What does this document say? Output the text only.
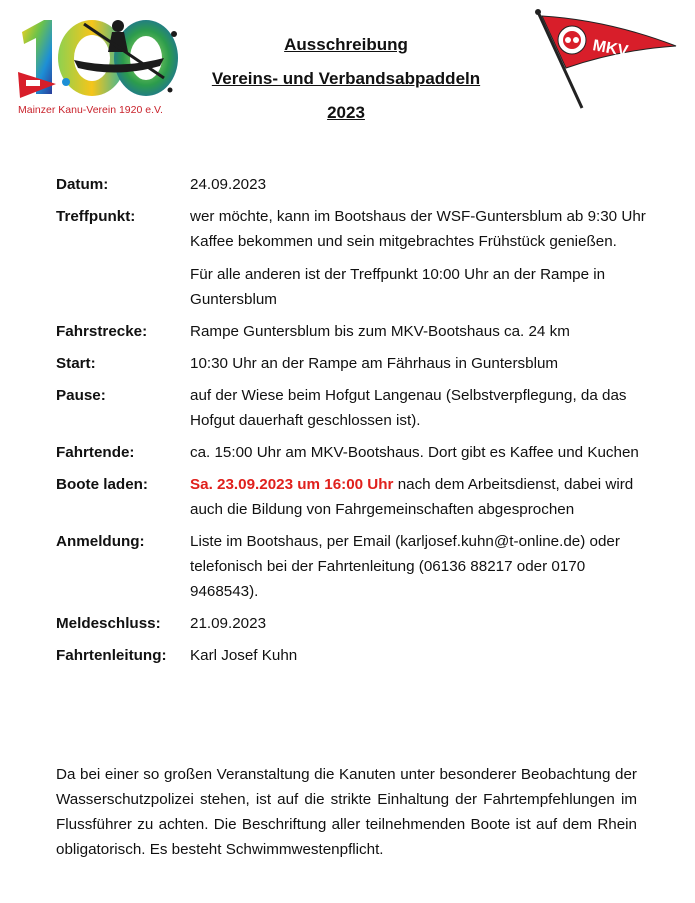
Mainzer Kanu-Verein 1920 e.V.
MKV
Ausschreibung
Vereins- und Verbandsabpaddeln
2023
Datum:	24.09.2023
Treffpunkt:	wer möchte, kann im Bootshaus der WSF-Guntersblum ab 9:30 Uhr Kaffee bekommen und sein mitgebrachtes Frühstück genießen.

Für alle anderen ist der Treffpunkt 10:00 Uhr an der Rampe in Guntersblum

Fahrstrecke:	Rampe Guntersblum bis zum MKV-Bootshaus ca. 24 km
Start:	10:30 Uhr an der Rampe am Fährhaus in Guntersblum
Pause:	auf der Wiese beim Hofgut Langenau (Selbstverpflegung, da das Hofgut dauerhaft geschlossen ist).
Fahrtende:	ca. 15:00 Uhr am MKV-Bootshaus. Dort gibt es Kaffee und Kuchen
Boote laden:	Sa. 23.09.2023 um 16:00 Uhr nach dem Arbeitsdienst, dabei wird auch die Bildung von Fahrgemeinschaften abgesprochen
Anmeldung:	Liste im Bootshaus, per Email (karljosef.kuhn@t-online.de) oder telefonisch bei der Fahrtenleitung (06136 88217 oder 0170 9468543).
Meldeschluss:	21.09.2023
Fahrtenleitung:	Karl Josef Kuhn
Da bei einer so großen Veranstaltung die Kanuten unter besonderer Beobachtung der Wasserschutzpolizei stehen, ist auf die strikte Einhaltung der Fahrtempfehlungen im Flussführer zu achten. Die Beschriftung aller teilnehmenden Boote ist auf dem Rhein obligatorisch. Es besteht Schwimmwestenpflicht.
